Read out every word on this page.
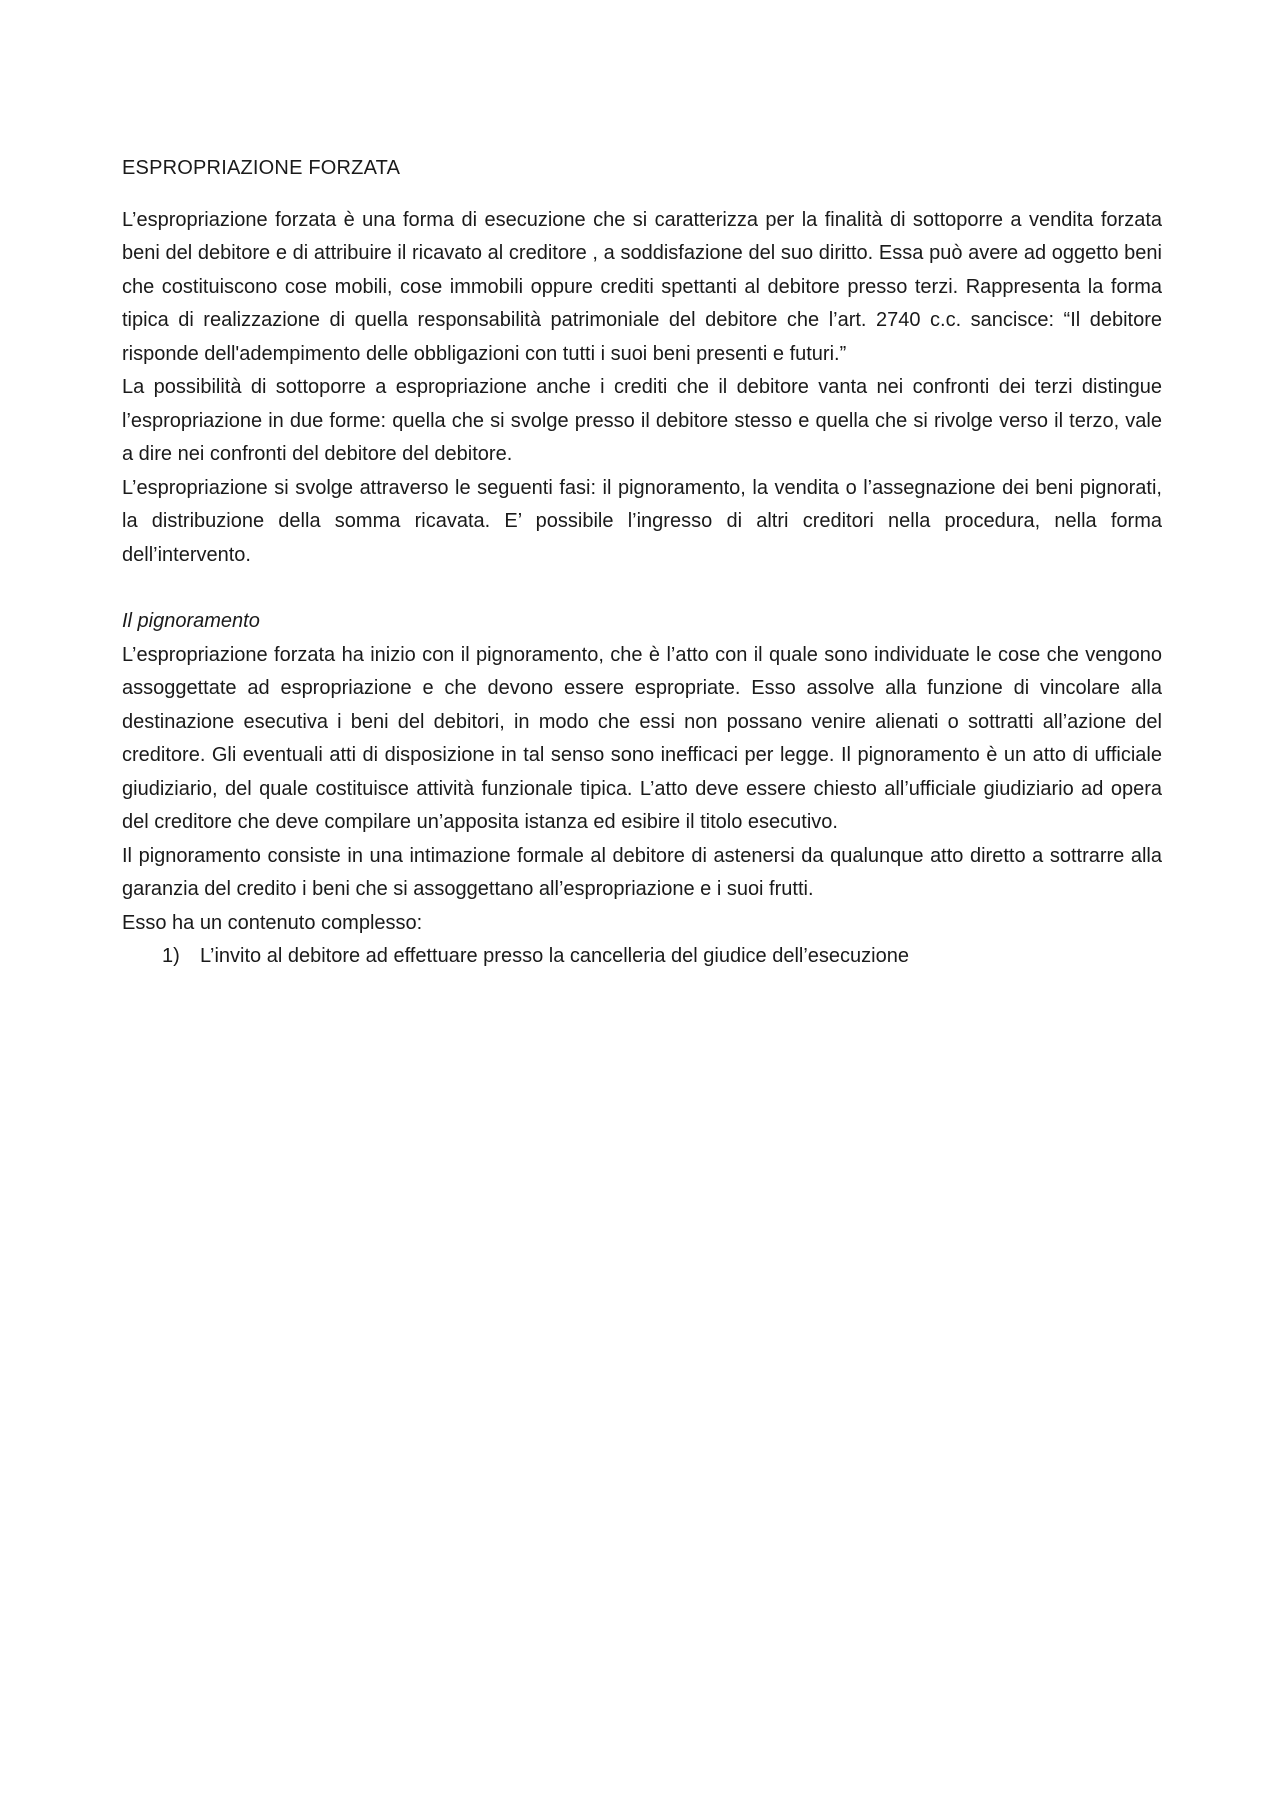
ESPROPRIAZIONE FORZATA

L’espropriazione forzata è una forma di esecuzione che si caratterizza per la finalità di sottoporre a vendita forzata beni del debitore e di attribuire il ricavato al creditore , a soddisfazione del suo diritto. Essa può avere ad oggetto beni che costituiscono cose mobili, cose immobili oppure crediti spettanti al debitore presso terzi. Rappresenta la forma tipica di realizzazione di quella responsabilità patrimoniale del debitore che l’art. 2740 c.c. sancisce: “Il debitore risponde dell'adempimento delle obbligazioni con tutti i suoi beni presenti e futuri.”

La possibilità di sottoporre a espropriazione anche i crediti che il debitore vanta nei confronti dei terzi distingue l’espropriazione in due forme: quella che si svolge presso il debitore stesso e quella che si rivolge verso il terzo, vale a dire nei confronti del debitore del debitore.

L’espropriazione si svolge attraverso le seguenti fasi: il pignoramento, la vendita o l’assegnazione dei beni pignorati, la distribuzione della somma ricavata. E’ possibile l’ingresso di altri creditori nella procedura, nella forma dell’intervento.

Il pignoramento

L’espropriazione forzata ha inizio con il pignoramento, che è l’atto con il quale sono individuate le cose che vengono assoggettate ad espropriazione e che devono essere espropriate. Esso assolve alla funzione di vincolare alla destinazione esecutiva i beni del debitori, in modo che essi non possano venire alienati o sottratti all’azione del creditore. Gli eventuali atti di disposizione in tal senso sono inefficaci per legge. Il pignoramento è un atto di ufficiale giudiziario, del quale costituisce attività funzionale tipica. L’atto deve essere chiesto all’ufficiale giudiziario ad opera del creditore che deve compilare un’apposita istanza ed esibire il titolo esecutivo.

Il pignoramento consiste in una intimazione formale al debitore di astenersi da qualunque atto diretto a sottrarre alla garanzia del credito i beni che si assoggettano all’espropriazione e i suoi frutti.

Esso ha un contenuto complesso:

1) L’invito al debitore ad effettuare presso la cancelleria del giudice dell’esecuzione
